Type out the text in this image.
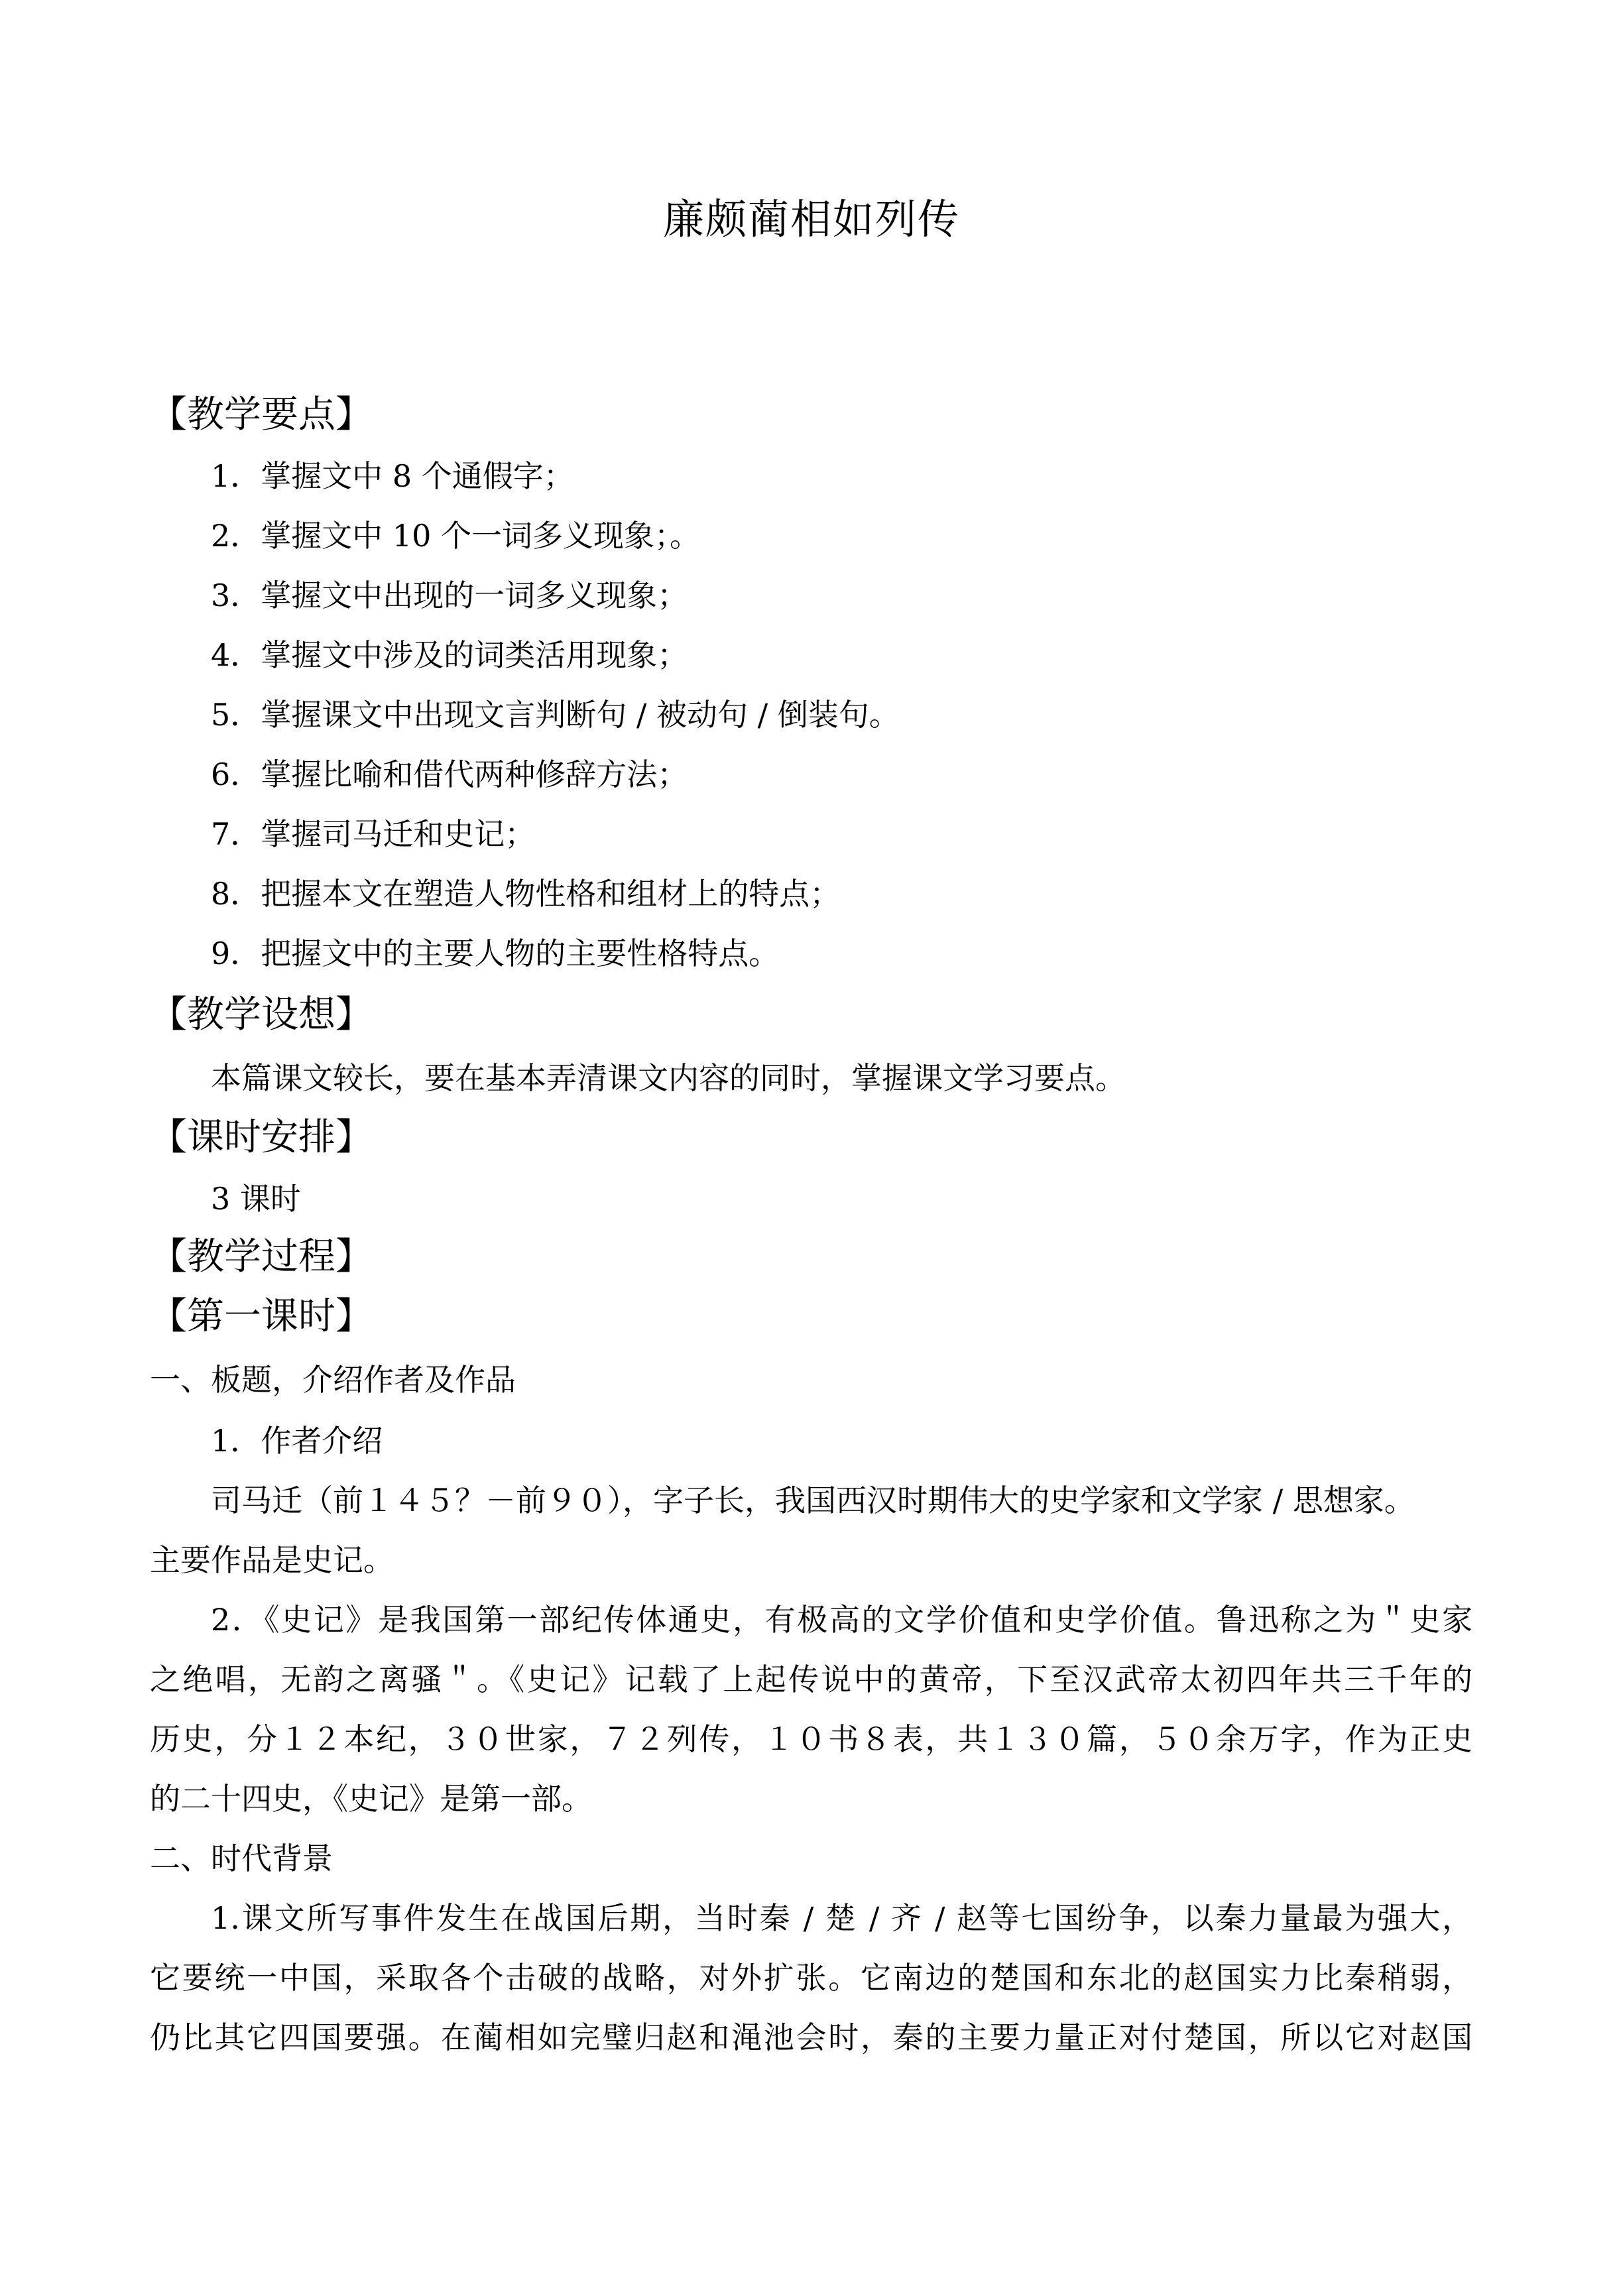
廉颇蔺相如列传
【教学要点】
1．掌握文中 8 个通假字；
2．掌握文中 10 个一词多义现象；。
3．掌握文中出现的一词多义现象；
4．掌握文中涉及的词类活用现象；
5．掌握课文中出现文言判断句 / 被动句 / 倒装句。
6．掌握比喻和借代两种修辞方法；
7．掌握司马迁和史记；
8．把握本文在塑造人物性格和组材上的特点；
9．把握文中的主要人物的主要性格特点。
【教学设想】
本篇课文较长，要在基本弄清课文内容的同时，掌握课文学习要点。
【课时安排】
3 课时
【教学过程】
【第一课时】
一、板题，介绍作者及作品
1．作者介绍
司马迁（前１４５？－前９０），字子长，我国西汉时期伟大的史学家和文学家 / 思想家。
主要作品是史记。
2．《史记》是我国第一部纪传体通史，有极高的文学价值和史学价值。鲁迅称之为＂史家
之绝唱，无韵之离骚＂。《史记》记载了上起传说中的黄帝，下至汉武帝太初四年共三千年的
历史，分１２本纪，３０世家，７２列传，１０书８表，共１３０篇，５０余万字，作为正史
的二十四史，《史记》是第一部。
二、时代背景
1.课文所写事件发生在战国后期，当时秦 / 楚 / 齐 / 赵等七国纷争，以秦力量最为强大，
它要统一中国，采取各个击破的战略，对外扩张。它南边的楚国和东北的赵国实力比秦稍弱，
仍比其它四国要强。在蔺相如完璧归赵和渑池会时，秦的主要力量正对付楚国，所以它对赵国
